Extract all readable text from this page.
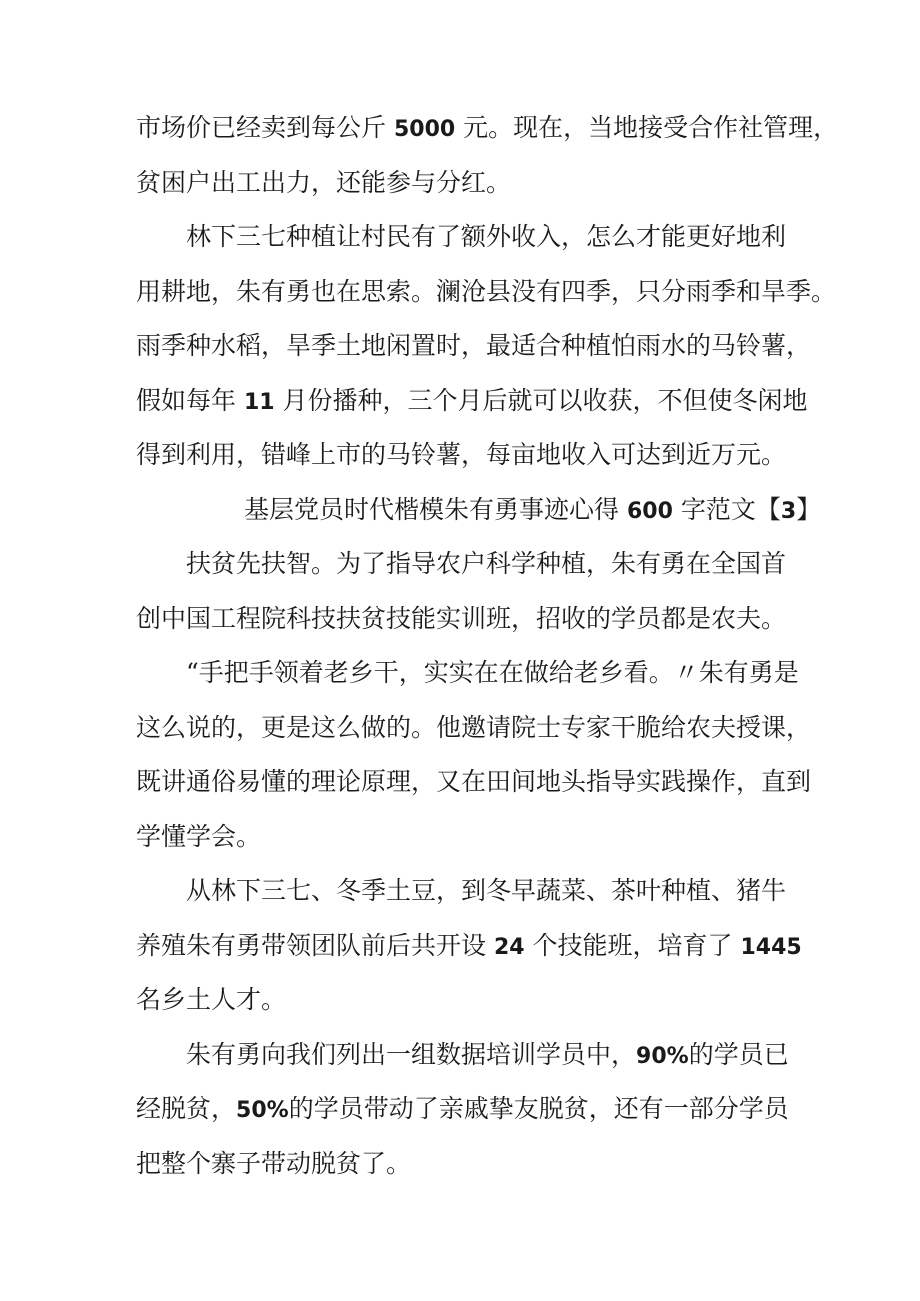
市场价已经卖到每公斤 5000 元。现在，当地接受合作社管理，
贫困户出工出力，还能参与分红。
林下三七种植让村民有了额外收入，怎么才能更好地利
用耕地，朱有勇也在思索。澜沧县没有四季，只分雨季和旱季。
雨季种水稻，旱季土地闲置时，最适合种植怕雨水的马铃薯，
假如每年 11 月份播种，三个月后就可以收获，不但使冬闲地
得到利用，错峰上市的马铃薯，每亩地收入可达到近万元。
基层党员时代楷模朱有勇事迹心得 600 字范文【3】
扶贫先扶智。为了指导农户科学种植，朱有勇在全国首
创中国工程院科技扶贫技能实训班，招收的学员都是农夫。
“手把手领着老乡干，实实在在做给老乡看。〃朱有勇是
这么说的，更是这么做的。他邀请院士专家干脆给农夫授课，
既讲通俗易懂的理论原理，又在田间地头指导实践操作，直到
学懂学会。
从林下三七、冬季土豆，到冬早蔬菜、茶叶种植、猪牛
养殖朱有勇带领团队前后共开设 24 个技能班，培育了 1445
名乡土人才。
朱有勇向我们列出一组数据培训学员中，90%的学员已
经脱贫，50%的学员带动了亲戚挚友脱贫，还有一部分学员
把整个寨子带动脱贫了。
